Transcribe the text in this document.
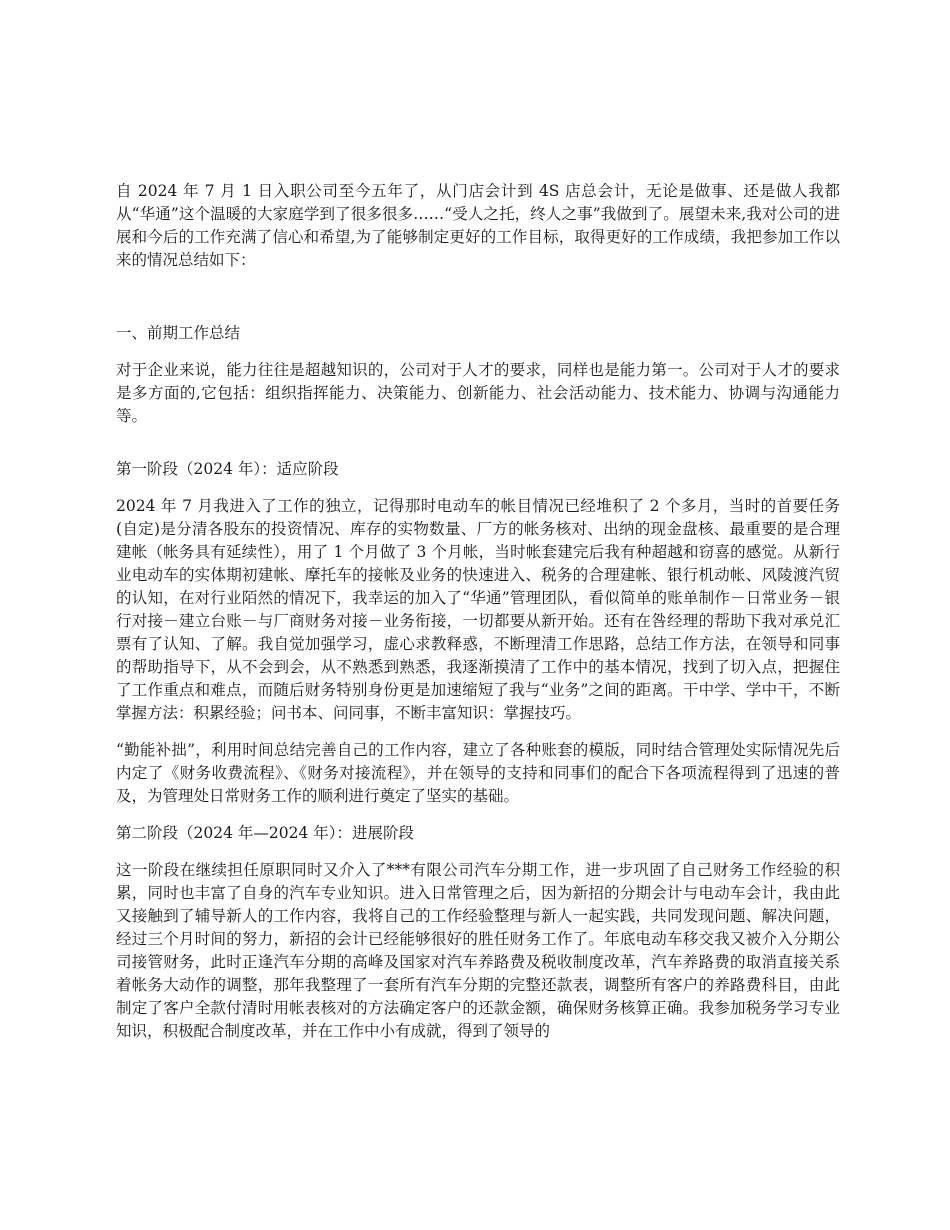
自 2024 年 7 月 1 日入职公司至今五年了，从门店会计到 4S 店总会计，无论是做事、还是做人我都从“华通”这个温暖的大家庭学到了很多很多……“受人之托，终人之事”我做到了。展望未来,我对公司的进展和今后的工作充满了信心和希望,为了能够制定更好的工作目标，取得更好的工作成绩，我把参加工作以来的情况总结如下：

一、前期工作总结

对于企业来说，能力往往是超越知识的，公司对于人才的要求，同样也是能力第一。公司对于人才的要求是多方面的,它包括：组织指挥能力、决策能力、创新能力、社会活动能力、技术能力、协调与沟通能力等。

第一阶段（2024 年）：适应阶段

2024 年 7 月我进入了工作的独立，记得那时电动车的帐目情况已经堆积了 2 个多月，当时的首要任务(自定)是分清各股东的投资情况、库存的实物数量、厂方的帐务核对、出纳的现金盘核、最重要的是合理建帐（帐务具有延续性），用了 1 个月做了 3 个月帐，当时帐套建完后我有种超越和窃喜的感觉。从新行业电动车的实体期初建帐、摩托车的接帐及业务的快速进入、税务的合理建帐、银行机动帐、风陵渡汽贸的认知，在对行业陌然的情况下，我幸运的加入了“华通”管理团队，看似简单的账单制作－日常业务－银行对接－建立台账－与厂商财务对接－业务衔接，一切都要从新开始。还有在咎经理的帮助下我对承兑汇票有了认知、了解。我自觉加强学习，虚心求教释惑，不断理清工作思路，总结工作方法，在领导和同事的帮助指导下，从不会到会，从不熟悉到熟悉，我逐渐摸清了工作中的基本情况，找到了切入点，把握住了工作重点和难点，而随后财务特别身份更是加速缩短了我与“业务”之间的距离。干中学、学中干，不断掌握方法：积累经验；问书本、问同事，不断丰富知识：掌握技巧。

“勤能补拙”，利用时间总结完善自己的工作内容，建立了各种账套的模版，同时结合管理处实际情况先后内定了《财务收费流程》、《财务对接流程》，并在领导的支持和同事们的配合下各项流程得到了迅速的普及，为管理处日常财务工作的顺利进行奠定了坚实的基础。

第二阶段（2024 年—2024 年）：进展阶段

这一阶段在继续担任原职同时又介入了***有限公司汽车分期工作，进一步巩固了自己财务工作经验的积累，同时也丰富了自身的汽车专业知识。进入日常管理之后，因为新招的分期会计与电动车会计，我由此又接触到了辅导新人的工作内容，我将自己的工作经验整理与新人一起实践，共同发现问题、解决问题，经过三个月时间的努力，新招的会计已经能够很好的胜任财务工作了。年底电动车移交我又被介入分期公司接管财务，此时正逢汽车分期的高峰及国家对汽车养路费及税收制度改革，汽车养路费的取消直接关系着帐务大动作的调整，那年我整理了一套所有汽车分期的完整还款表，调整所有客户的养路费科目，由此制定了客户全款付清时用帐表核对的方法确定客户的还款金额，确保财务核算正确。我参加税务学习专业知识，积极配合制度改革，并在工作中小有成就，得到了领导的
